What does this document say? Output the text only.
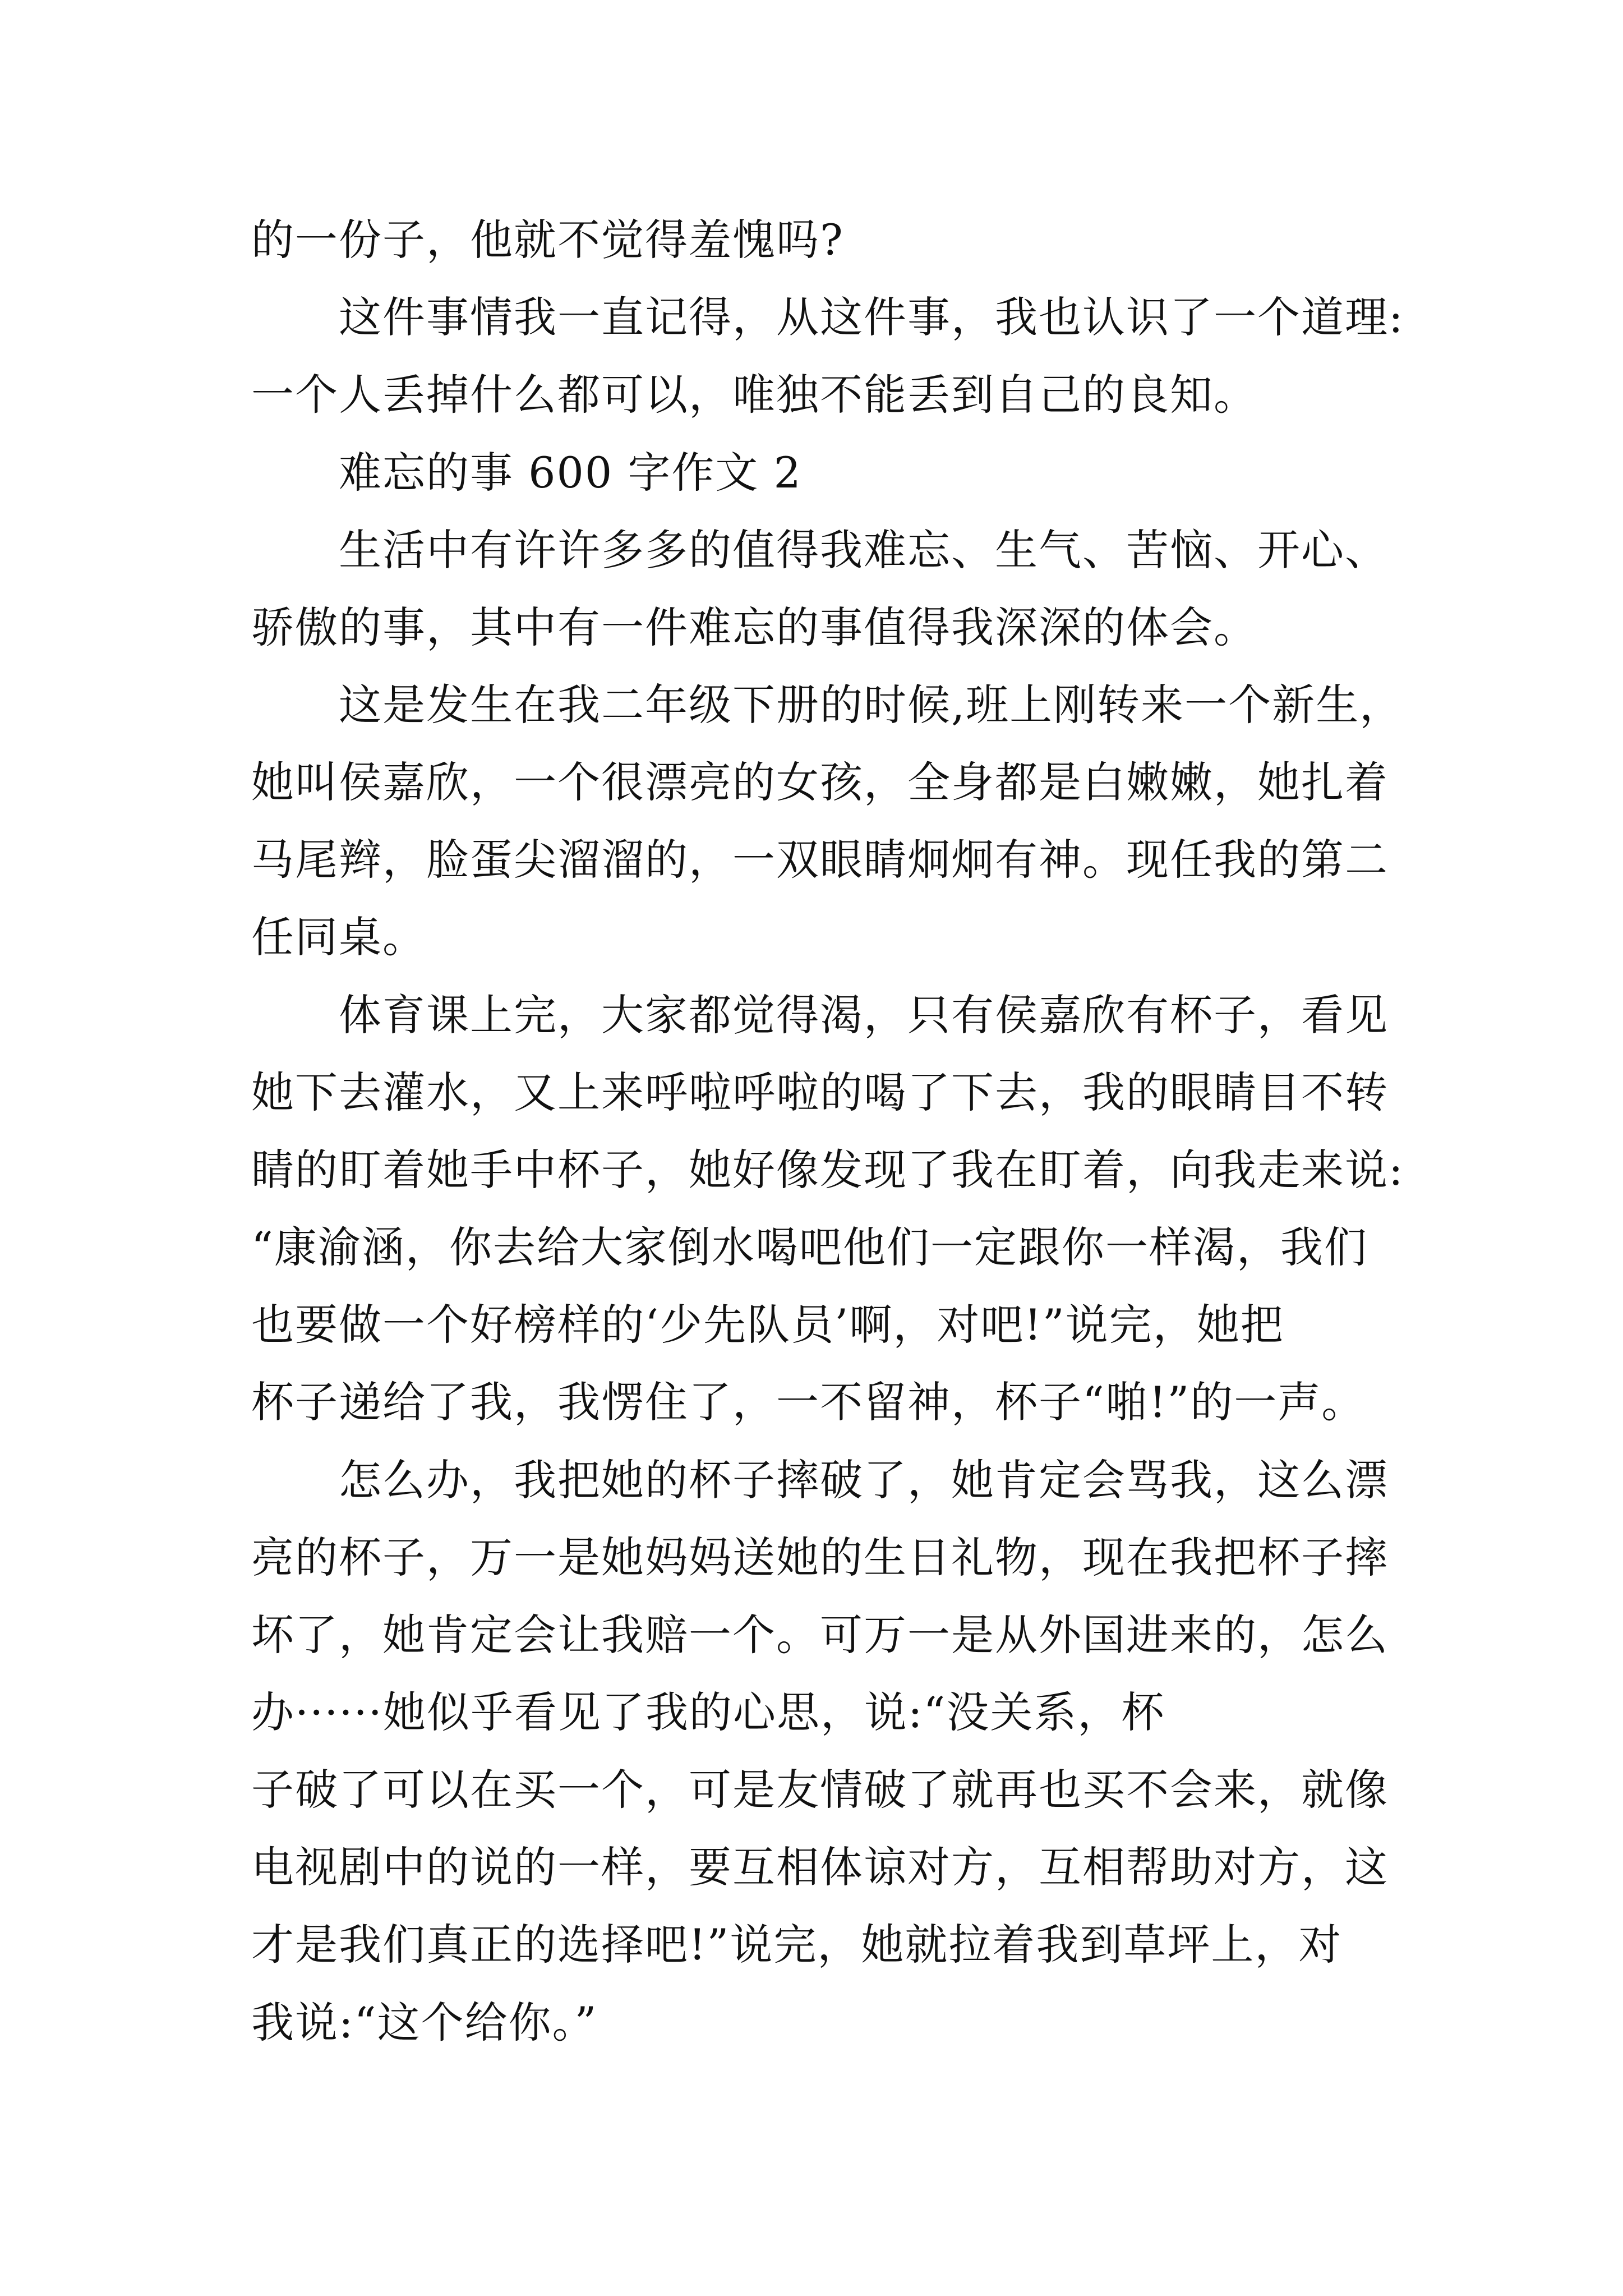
的一份子，他就不觉得羞愧吗?
这件事情我一直记得，从这件事，我也认识了一个道理:
一个人丢掉什么都可以，唯独不能丢到自己的良知。
难忘的事 600 字作文 2
生活中有许许多多的值得我难忘、生气、苦恼、开心、
骄傲的事，其中有一件难忘的事值得我深深的体会。
这是发生在我二年级下册的时候,班上刚转来一个新生，
她叫侯嘉欣，一个很漂亮的女孩，全身都是白嫩嫩，她扎着
马尾辫，脸蛋尖溜溜的，一双眼睛炯炯有神。现任我的第二
任同桌。
体育课上完，大家都觉得渴，只有侯嘉欣有杯子，看见
她下去灌水，又上来呼啦呼啦的喝了下去，我的眼睛目不转
睛的盯着她手中杯子，她好像发现了我在盯着，向我走来说:
“康渝涵，你去给大家倒水喝吧他们一定跟你一样渴，我们
也要做一个好榜样的‘少先队员’啊，对吧!”说完，她把
杯子递给了我，我愣住了，一不留神，杯子“啪!”的一声。
怎么办，我把她的杯子摔破了，她肯定会骂我，这么漂
亮的杯子，万一是她妈妈送她的生日礼物，现在我把杯子摔
坏了，她肯定会让我赔一个。可万一是从外国进来的，怎么
办······她似乎看见了我的心思，说:“没关系，杯
子破了可以在买一个，可是友情破了就再也买不会来，就像
电视剧中的说的一样，要互相体谅对方，互相帮助对方，这
才是我们真正的选择吧!”说完，她就拉着我到草坪上，对
我说:“这个给你。”
